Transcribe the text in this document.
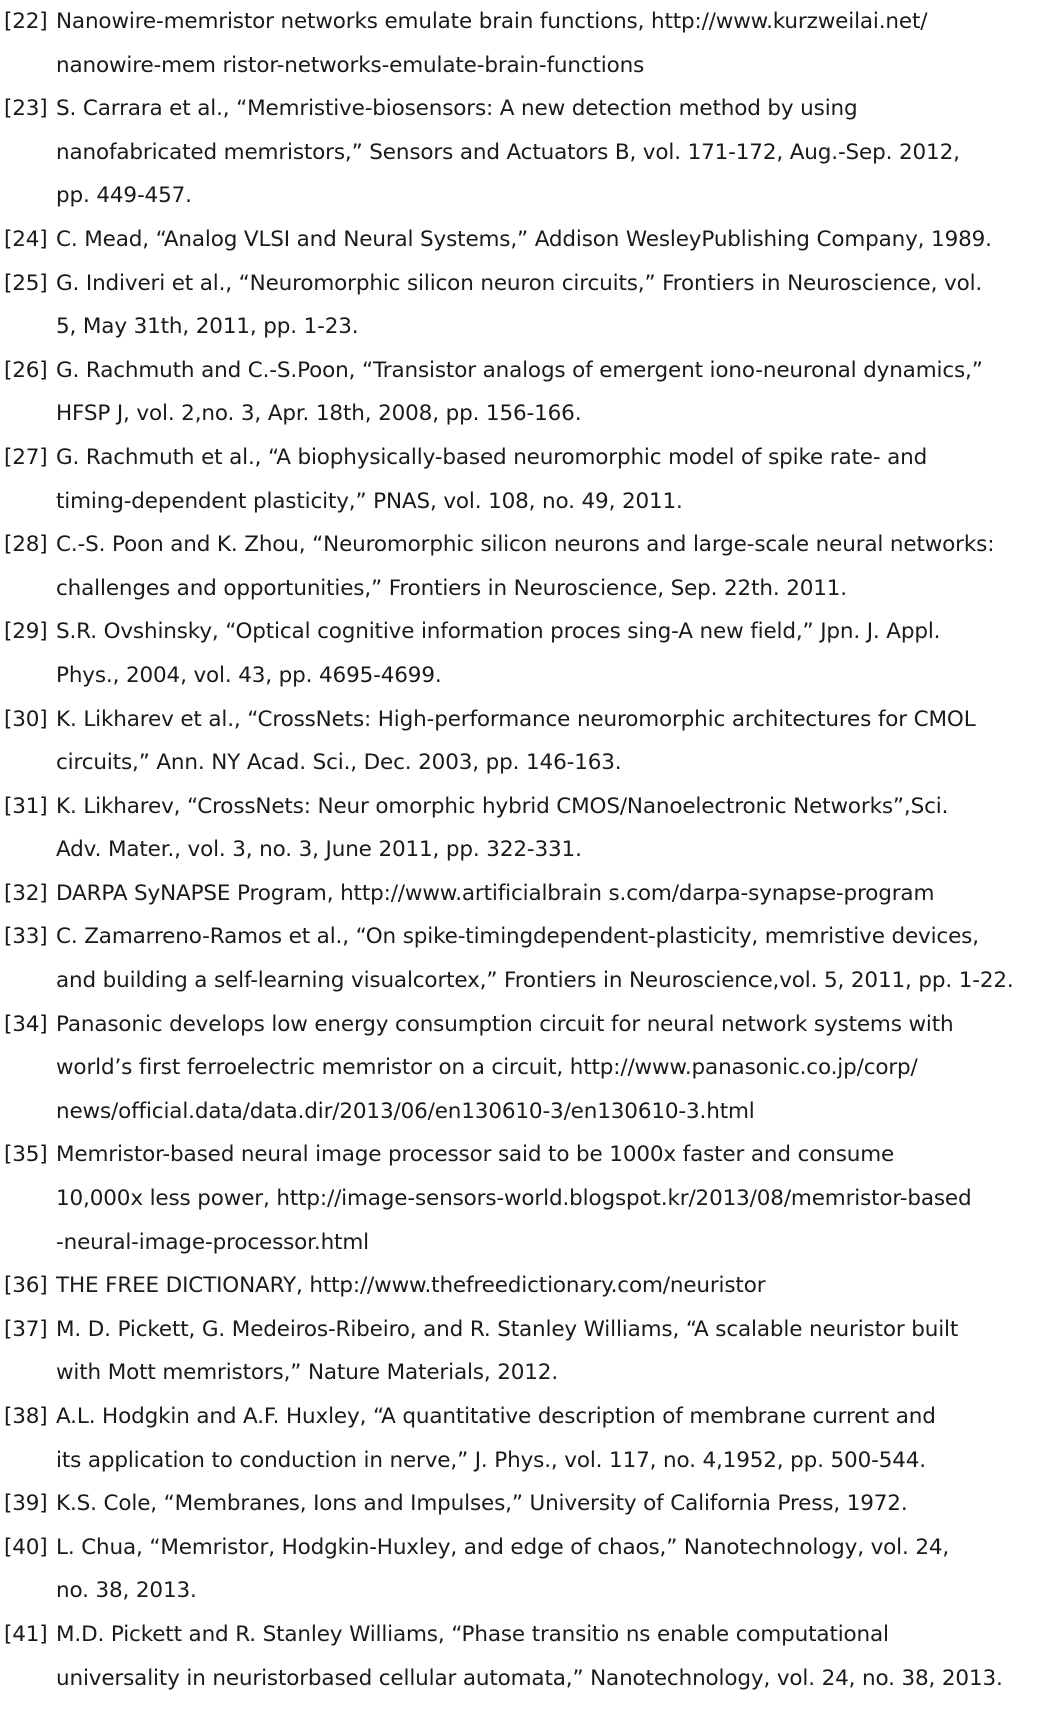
[22] Nanowire-memristor networks emulate brain functions, http://www.kurzweilai.net/
nanowire-mem ristor-networks-emulate-brain-functions
[23] S. Carrara et al., “Memristive-biosensors: A new detection method by using
nanofabricated memristors,” Sensors and Actuators B, vol. 171-172, Aug.-Sep. 2012,
pp. 449-457.
[24] C. Mead, “Analog VLSI and Neural Systems,” Addison WesleyPublishing Company, 1989.
[25] G. Indiveri et al., “Neuromorphic silicon neuron circuits,” Frontiers in Neuroscience, vol.
5, May 31th, 2011, pp. 1-23.
[26] G. Rachmuth and C.-S.Poon, “Transistor analogs of emergent iono-neuronal dynamics,”
HFSP J, vol. 2,no. 3, Apr. 18th, 2008, pp. 156-166.
[27] G. Rachmuth et al., “A biophysically-based neuromorphic model of spike rate- and
timing-dependent plasticity,” PNAS, vol. 108, no. 49, 2011.
[28] C.-S. Poon and K. Zhou, “Neuromorphic silicon neurons and large-scale neural networks:
challenges and opportunities,” Frontiers in Neuroscience, Sep. 22th. 2011.
[29] S.R. Ovshinsky, “Optical cognitive information proces sing-A new field,” Jpn. J. Appl.
Phys., 2004, vol. 43, pp. 4695-4699.
[30] K. Likharev et al., “CrossNets: High-performance neuromorphic architectures for CMOL
circuits,” Ann. NY Acad. Sci., Dec. 2003, pp. 146-163.
[31] K. Likharev, “CrossNets: Neur omorphic hybrid CMOS/Nanoelectronic Networks”,Sci.
Adv. Mater., vol. 3, no. 3, June 2011, pp. 322-331.
[32] DARPA SyNAPSE Program, http://www.artificialbrain s.com/darpa-synapse-program
[33] C. Zamarreno-Ramos et al., “On spike-timingdependent-plasticity, memristive devices,
and building a self-learning visualcortex,” Frontiers in Neuroscience,vol. 5, 2011, pp. 1-22.
[34] Panasonic develops low energy consumption circuit for neural network systems with
world’s first ferroelectric memristor on a circuit, http://www.panasonic.co.jp/corp/
news/official.data/data.dir/2013/06/en130610-3/en130610-3.html
[35] Memristor-based neural image processor said to be 1000x faster and consume
10,000x less power, http://image-sensors-world.blogspot.kr/2013/08/memristor-based
-neural-image-processor.html
[36] THE FREE DICTIONARY, http://www.thefreedictionary.com/neuristor
[37] M. D. Pickett, G. Medeiros-Ribeiro, and R. Stanley Williams, “A scalable neuristor built
with Mott memristors,” Nature Materials, 2012.
[38] A.L. Hodgkin and A.F. Huxley, “A quantitative description of membrane current and
its application to conduction in nerve,” J. Phys., vol. 117, no. 4,1952, pp. 500-544.
[39] K.S. Cole, “Membranes, Ions and Impulses,” University of California Press, 1972.
[40] L. Chua, “Memristor, Hodgkin-Huxley, and edge of chaos,” Nanotechnology, vol. 24,
no. 38, 2013.
[41] M.D. Pickett and R. Stanley Williams, “Phase transitio ns enable computational
universality in neuristorbased cellular automata,” Nanotechnology, vol. 24, no. 38, 2013.
